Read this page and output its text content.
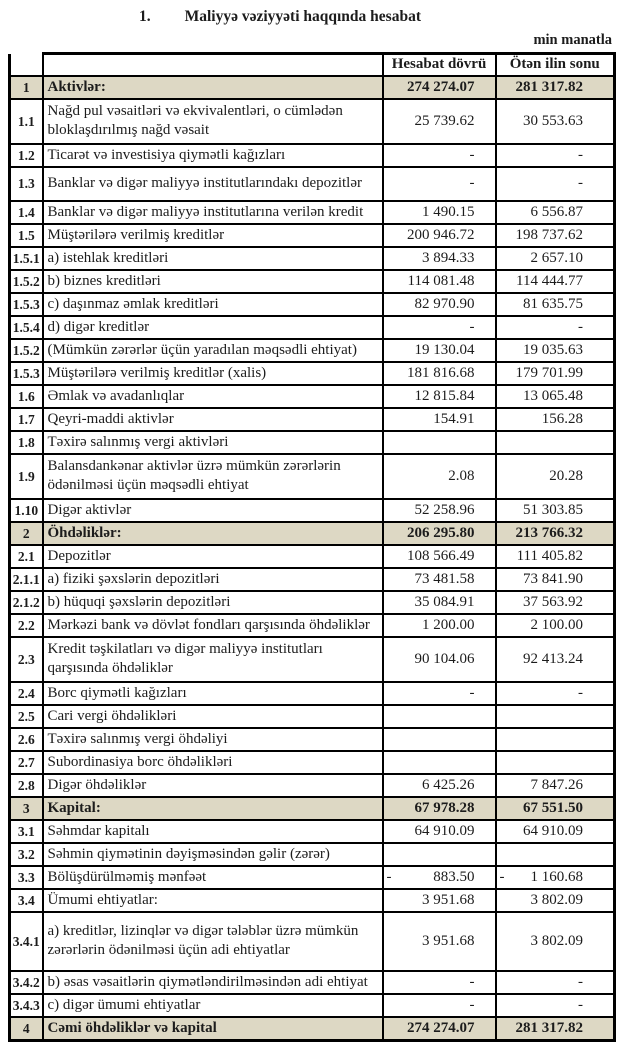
1. Maliyyə vəziyyəti haqqında hesabat
min manatla
		Hesabat dövrü	Ötən ilin sonu
1	Aktivlər:	274 274.07	281 317.82

1.1	Nağd pul vəsaitləri və ekvivalentləri, o cümlədən bloklaşdırılmış nağd vəsait	25 739.62	30 553.63

1.2	Ticarət və investisiya qiymətli kağızları	-	-

1.3	Banklar və digər maliyyə institutlarındakı depozitlər	-	-

1.4	Banklar və digər maliyyə institutlarına verilən kredit	1 490.15	6 556.87

1.5	Müştərilərə verilmiş kreditlər	200 946.72	198 737.62

1.5.1	a) istehlak kreditləri	3 894.33	2 657.10

1.5.2	b) biznes kreditləri	114 081.48	114 444.77

1.5.3	c) daşınmaz əmlak kreditləri	82 970.90	81 635.75

1.5.4	d) digər kreditlər	-	-

1.5.2	(Mümkün zərərlər üçün yaradılan məqsədli ehtiyat)	19 130.04	19 035.63

1.5.3	Müştərilərə verilmiş kreditlər (xalis)	181 816.68	179 701.99

1.6	Əmlak və avadanlıqlar	12 815.84	13 065.48

1.7	Qeyri-maddi aktivlər	154.91	156.28

1.8	Təxirə salınmış vergi aktivləri	

1.9	Balansdankənar aktivlər üzrə mümkün zərərlərin ödənilməsi üçün məqsədli ehtiyat	2.08	20.28

1.10	Digər aktivlər	52 258.96	51 303.85

2	Öhdəliklər:	206 295.80	213 766.32

2.1	Depozitlər	108 566.49	111 405.82

2.1.1	a) fiziki şəxslərin depozitləri	73 481.58	73 841.90

2.1.2	b) hüquqi şəxslərin depozitləri	35 084.91	37 563.92

2.2	Mərkəzi bank və dövlət fondları qarşısında öhdəliklər	1 200.00	2 100.00

2.3	Kredit təşkilatları və digər maliyyə institutları qarşısında öhdəliklər	90 104.06	92 413.24

2.4	Borc qiymətli kağızları	-	-

2.5	Cari vergi öhdəlikləri	

2.6	Təxirə salınmış vergi öhdəliyi	

2.7	Subordinasiya borc öhdəlikləri	

2.8	Digər öhdəliklər	6 425.26	7 847.26

3	Kapital:	67 978.28	67 551.50

3.1	Səhmdar kapitalı	64 910.09	64 910.09

3.2	Səhmin qiymətinin dəyişməsindən gəlir (zərər)	

3.3	Bölüşdürülməmiş mənfəət	- 883.50	- 1 160.68

3.4	Ümumi ehtiyatlar:	3 951.68	3 802.09

3.4.1	a) kreditlər, lizinqlər və digər tələblər üzrə mümkün zərərlərin ödənilməsi üçün adi ehtiyatlar	3 951.68	3 802.09

3.4.2	b) əsas vəsaitlərin qiymətləndirilməsindən adi ehtiyat	-	-

3.4.3	c) digər ümumi ehtiyatlar	-	-

4	Cəmi öhdəliklər və kapital	274 274.07	281 317.82
